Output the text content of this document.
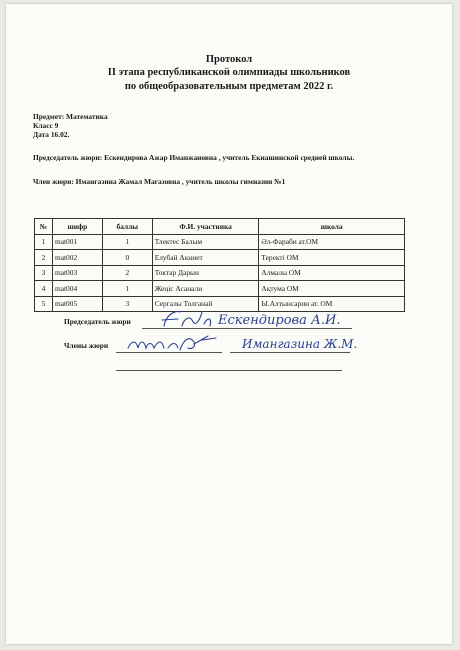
Протокол
II этапа республиканской олимпиады школьников
по общеобразовательным предметам 2022 г.
Предмет: Математика
Класс 9
Дата 16.02.
Председатель жюри: Ескендирова Ажар Иманжановна , учитель Екиашинской средней школы.
Член жюри: Имангазина Жамал Магазовна , учитель школы гимназии №1
№	шифр	баллы	Ф.И. участника	школа
1	mat001	1	Тлектес Балым	Әл-Фараби ат.ОМ
2	mat002	0	Елубай Акниет	Теректі ОМ
3	mat003	2	Токтар Дарын	Алмалы ОМ
4	mat004	1	Жеңіс Асанали	Ақтума ОМ
5	mat005	3	Сергалы Толганай	Ы.Алтынсарин ат. ОМ
Председатель жюри	Ескендирова А.И.
Члены жюри	Имангазина Ж.М.
